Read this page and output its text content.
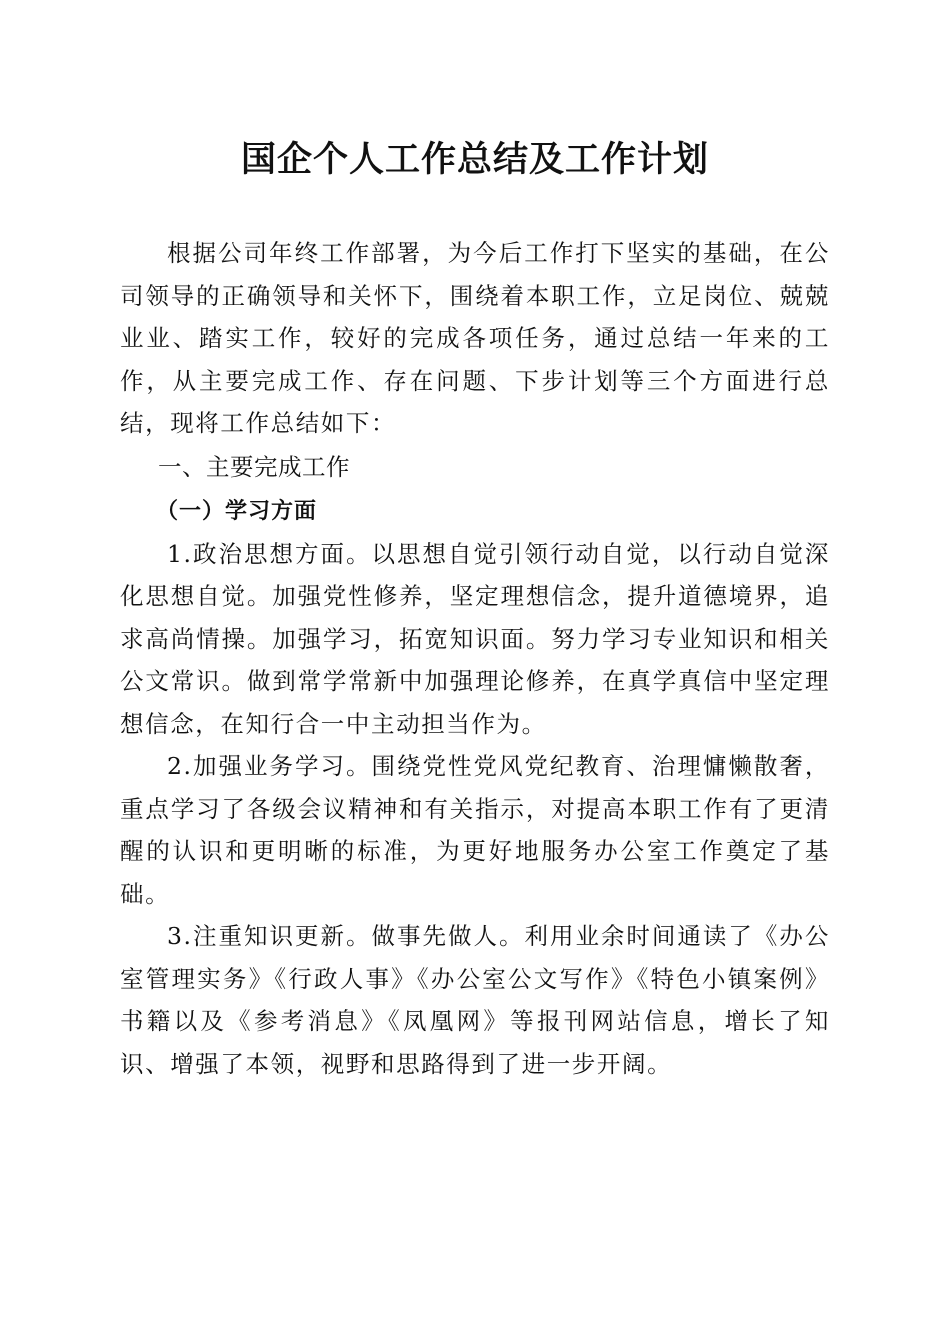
国企个人工作总结及工作计划

根据公司年终工作部署，为今后工作打下坚实的基础，在公司领导的正确领导和关怀下，围绕着本职工作，立足岗位、兢兢业业、踏实工作，较好的完成各项任务，通过总结一年来的工作，从主要完成工作、存在问题、下步计划等三个方面进行总结，现将工作总结如下：

一、主要完成工作

（一）学习方面

1.政治思想方面。以思想自觉引领行动自觉，以行动自觉深化思想自觉。加强党性修养，坚定理想信念，提升道德境界，追求高尚情操。加强学习，拓宽知识面。努力学习专业知识和相关公文常识。做到常学常新中加强理论修养，在真学真信中坚定理想信念，在知行合一中主动担当作为。

2.加强业务学习。围绕党性党风党纪教育、治理慵懒散奢，重点学习了各级会议精神和有关指示，对提高本职工作有了更清醒的认识和更明晰的标准，为更好地服务办公室工作奠定了基础。

3.注重知识更新。做事先做人。利用业余时间通读了《办公室管理实务》《行政人事》《办公室公文写作》《特色小镇案例》书籍以及《参考消息》《凤凰网》等报刊网站信息，增长了知识、增强了本领，视野和思路得到了进一步开阔。
